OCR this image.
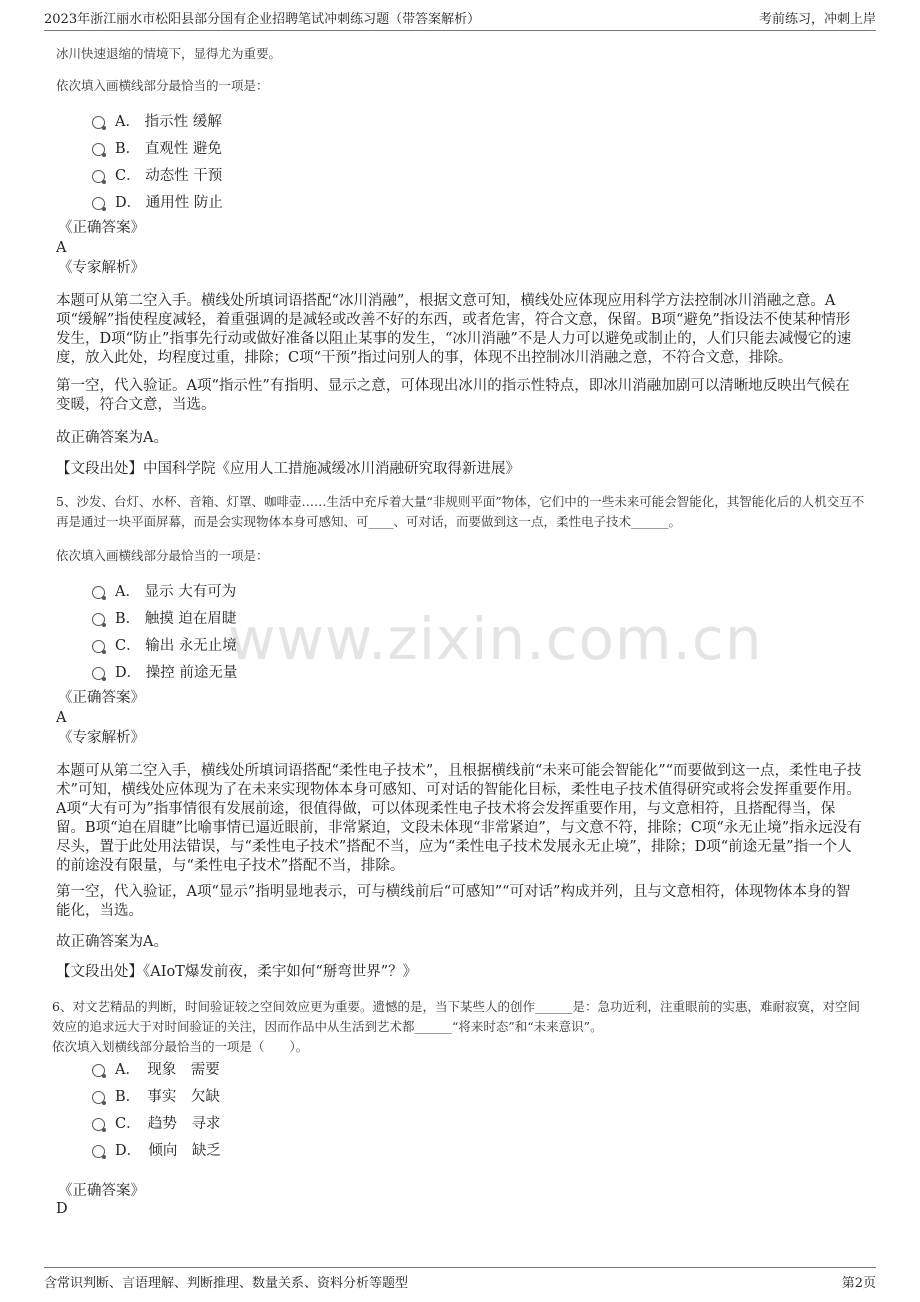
2023年浙江丽水市松阳县部分国有企业招聘笔试冲刺练习题（带答案解析）	考前练习，冲刺上岸
www.zixin.com.cn
冰川快速退缩的情境下，显得尤为重要。
依次填入画横线部分最恰当的一项是：
A． 指示性 缓解
B． 直观性 避免
C． 动态性 干预
D． 通用性 防止
《正确答案》
A
《专家解析》
本题可从第二空入手。横线处所填词语搭配“冰川消融”，根据文意可知，横线处应体现应用科学方法控制冰川消融之意。A项“缓解”指使程度减轻，着重强调的是减轻或改善不好的东西，或者危害，符合文意，保留。B项“避免”指设法不使某种情形发生，D项“防止”指事先行动或做好准备以阻止某事的发生，“冰川消融”不是人力可以避免或制止的，人们只能去减慢它的速度，放入此处，均程度过重，排除；C项“干预”指过问别人的事，体现不出控制冰川消融之意，不符合文意，排除。
第一空，代入验证。A项“指示性”有指明、显示之意，可体现出冰川的指示性特点，即冰川消融加剧可以清晰地反映出气候在变暖，符合文意，当选。
故正确答案为A。
【文段出处】中国科学院《应用人工措施减缓冰川消融研究取得新进展》
5、沙发、台灯、水杯、音箱、灯罩、咖啡壶……生活中充斥着大量“非规则平面”物体，它们中的一些未来可能会智能化，其智能化后的人机交互不再是通过一块平面屏幕，而是会实现物体本身可感知、可____、可对话，而要做到这一点，柔性电子技术______。
依次填入画横线部分最恰当的一项是：
A． 显示 大有可为
B． 触摸 迫在眉睫
C． 输出 永无止境
D． 操控 前途无量
《正确答案》
A
《专家解析》
本题可从第二空入手，横线处所填词语搭配“柔性电子技术”，且根据横线前“未来可能会智能化”“而要做到这一点，柔性电子技术”可知，横线处应体现为了在未来实现物体本身可感知、可对话的智能化目标，柔性电子技术值得研究或将会发挥重要作用。A项“大有可为”指事情很有发展前途，很值得做，可以体现柔性电子技术将会发挥重要作用，与文意相符，且搭配得当，保留。B项“迫在眉睫”比喻事情已逼近眼前，非常紧迫，文段未体现“非常紧迫”，与文意不符，排除；C项“永无止境”指永远没有尽头，置于此处用法错误，与“柔性电子技术”搭配不当，应为“柔性电子技术发展永无止境”，排除；D项“前途无量”指一个人的前途没有限量，与“柔性电子技术”搭配不当，排除。
第一空，代入验证，A项“显示”指明显地表示，可与横线前后“可感知”“可对话”构成并列，且与文意相符，体现物体本身的智能化，当选。
故正确答案为A。
【文段出处】《AIoT爆发前夜，柔宇如何“掰弯世界”？》
6、对文艺精品的判断，时间验证较之空间效应更为重要。遗憾的是，当下某些人的创作______是：急功近利，注重眼前的实惠，难耐寂寞，对空间效应的追求远大于对时间验证的关注，因而作品中从生活到艺术都______“将来时态”和“未来意识”。
依次填入划横线部分最恰当的一项是（　　）。
A．　现象　需要
B．　事实　欠缺
C．　趋势　寻求
D．　倾向　缺乏
《正确答案》
D
含常识判断、言语理解、判断推理、数量关系、资料分析等题型	第2页
